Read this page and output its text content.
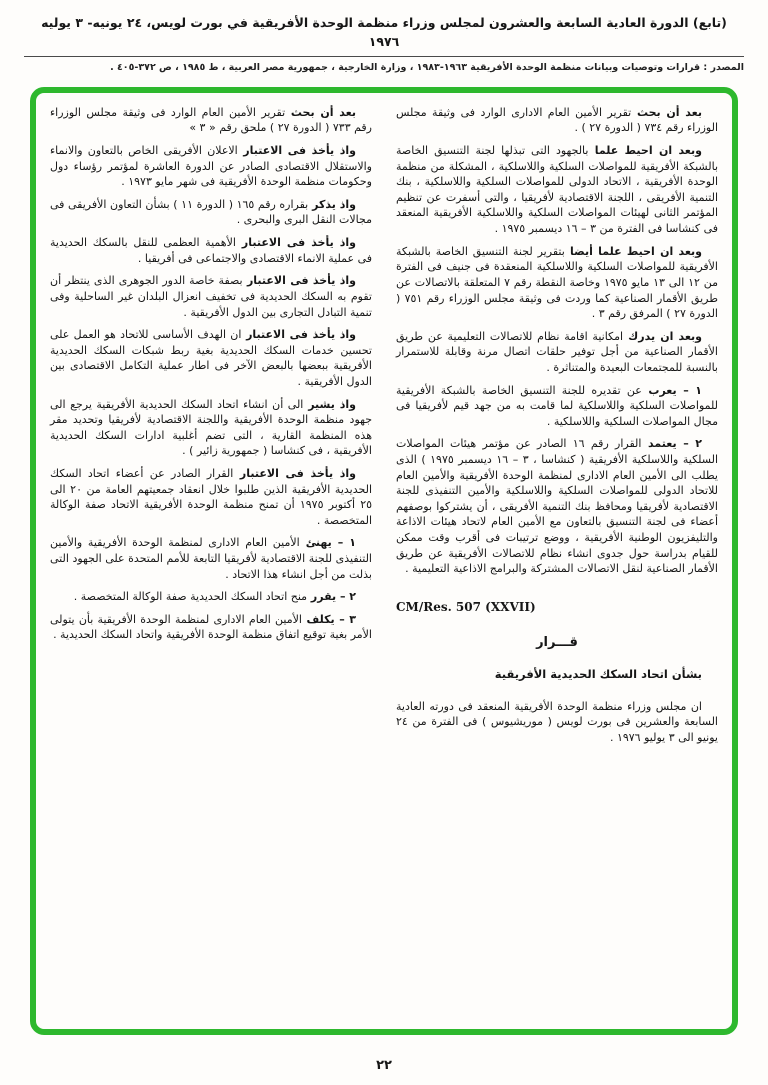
(تابع) الدورة العادية السابعة والعشرون لمجلس وزراء منظمة الوحدة الأفريقية في بورت لويس، ٢٤ يونيه- ٣ يوليه ١٩٧٦
المصدر : قرارات وتوصيات وبيانات منظمة الوحدة الأفريقية ١٩٦٣-١٩٨٣ ، وزارة الخارجية ، جمهورية مصر العربية ، ط ١٩٨٥ ، ص ٣٧٢-٤٠٥ .

بعد أن بحث تقرير الأمين العام الادارى الوارد فى وثيقة مجلس الوزراء رقم ٧٣٤ ( الدورة ٢٧ ) .

وبعد ان احيط علما بالجهود التى تبذلها لجنة التنسيق الخاصة بالشبكة الأفريقية للمواصلات السلكية واللاسلكية ، المشكلة من منظمة الوحدة الأفريقية ، الاتحاد الدولى للمواصلات السلكية واللاسلكية ، بنك التنمية الأفريقى ، اللجنة الاقتصادية لأفريقيا ، والتى أسفرت عن تنظيم المؤتمر الثانى لهيئات المواصلات السلكية واللاسلكية الأفريقية المنعقد فى كنشاسا فى الفترة من ٣ – ١٦ ديسمبر ١٩٧٥ .

وبعد ان احيط علما أيضا بتقرير لجنة التنسيق الخاصة بالشبكة الأفريقية للمواصلات السلكية واللاسلكية المنعقدة فى جنيف فى الفترة من ١٢ الى ١٣ مايو ١٩٧٥ وخاصة النقطة رقم ٧ المتعلقة بالاتصالات عن طريق الأقمار الصناعية كما وردت فى وثيقة مجلس الوزراء رقم ٧٥١ ( الدورة ٢٧ ) المرفق رقم ٣ .

وبعد ان يدرك امكانية اقامة نظام للاتصالات التعليمية عن طريق الأقمار الصناعية من أجل توفير حلقات اتصال مرنة وقابلة للاستمرار بالنسبة للمجتمعات البعيدة والمتناثرة .

١ – يعرب عن تقديره للجنة التنسيق الخاصة بالشبكة الأفريقية للمواصلات السلكية واللاسلكية لما قامت به من جهد قيم لأفريقيا فى مجال المواصلات السلكية واللاسلكية .

٢ – يعتمد القرار رقم ١٦ الصادر عن مؤتمر هيئات المواصلات السلكية واللاسلكية الأفريقية ( كنشاسا ، ٣ – ١٦ ديسمبر ١٩٧٥ ) الذى يطلب الى الأمين العام الادارى لمنظمة الوحدة الأفريقية والأمين العام للاتحاد الدولى للمواصلات السلكية واللاسلكية والأمين التنفيذى للجنة الاقتصادية لأفريقيا ومحافظ بنك التنمية الأفريقى ، أن يشتركوا بوصفهم أعضاء فى لجنة التنسيق بالتعاون مع الأمين العام لاتحاد هيئات الاذاعة والتليفزيون الوطنية الأفريقية ، ووضع ترتيبات فى أقرب وقت ممكن للقيام بدراسة حول جدوى انشاء نظام للاتصالات الأفريقية عن طريق الأقمار الصناعية لنقل الاتصالات المشتركة والبرامج الاذاعية التعليمية .

CM/Res. 507 (XXVII)

قـــرار

بشأن اتحاد السكك الحديدية الأفريقية

ان مجلس وزراء منظمة الوحدة الأفريقية المنعقد فى دورته العادية السابعة والعشرين فى بورت لويس ( موريشيوس ) فى الفترة من ٢٤ يونيو الى ٣ يوليو ١٩٧٦ .

بعد أن بحث تقرير الأمين العام الوارد فى وثيقة مجلس الوزراء رقم ٧٣٣ ( الدورة ٢٧ ) ملحق رقم « ٣ »

واذ يأخذ فى الاعتبار الاعلان الأفريقى الخاص بالتعاون والانماء والاستقلال الاقتصادى الصادر عن الدورة العاشرة لمؤتمر رؤساء دول وحكومات منظمة الوحدة الأفريقية فى شهر مايو ١٩٧٣ .

واذ يذكر بقراره رقم ١٦٥ ( الدورة ١١ ) بشأن التعاون الأفريقى فى مجالات النقل البرى والبحرى .

واذ يأخذ فى الاعتبار الأهمية العظمى للنقل بالسكك الحديدية فى عملية الانماء الاقتصادى والاجتماعى فى أفريقيا .

واذ يأخذ فى الاعتبار بصفة خاصة الدور الجوهرى الذى ينتظر أن تقوم به السكك الحديدية فى تخفيف انعزال البلدان غير الساحلية وفى تنمية التبادل التجارى بين الدول الأفريقية .

واذ يأخذ فى الاعتبار ان الهدف الأساسى للاتحاد هو العمل على تحسين خدمات السكك الحديدية بغية ربط شبكات السكك الحديدية الأفريقية ببعضها بالبعض الآخر فى اطار عملية التكامل الاقتصادى بين الدول الأفريقية .

واذ يشير الى أن انشاء اتحاد السكك الحديدية الأفريقية يرجع الى جهود منظمة الوحدة الأفريقية واللجنة الاقتصادية لأفريقيا وتحديد مقر هذه المنظمة القارية ، التى تضم أغلبية ادارات السكك الحديدية الأفريقية ، فى كنشاسا ( جمهورية زائير ) .

واذ يأخذ فى الاعتبار القرار الصادر عن أعضاء اتحاد السكك الحديدية الأفريقية الذين طلبوا خلال انعقاد جمعيتهم العامة من ٢٠ الى ٢٥ أكتوبر ١٩٧٥ أن تمنح منظمة الوحدة الأفريقية الاتحاد صفة الوكالة المتخصصة .

١ – يهنئ الأمين العام الادارى لمنظمة الوحدة الأفريقية والأمين التنفيذى للجنة الاقتصادية لأفريقيا التابعة للأمم المتحدة على الجهود التى بذلت من أجل انشاء هذا الاتحاد .

٢ – يقرر منح اتحاد السكك الحديدية صفة الوكالة المتخصصة .

٣ – يكلف الأمين العام الادارى لمنظمة الوحدة الأفريقية بأن يتولى الأمر بغية توقيع اتفاق منظمة الوحدة الأفريقية واتحاد السكك الحديدية .

٢٢
